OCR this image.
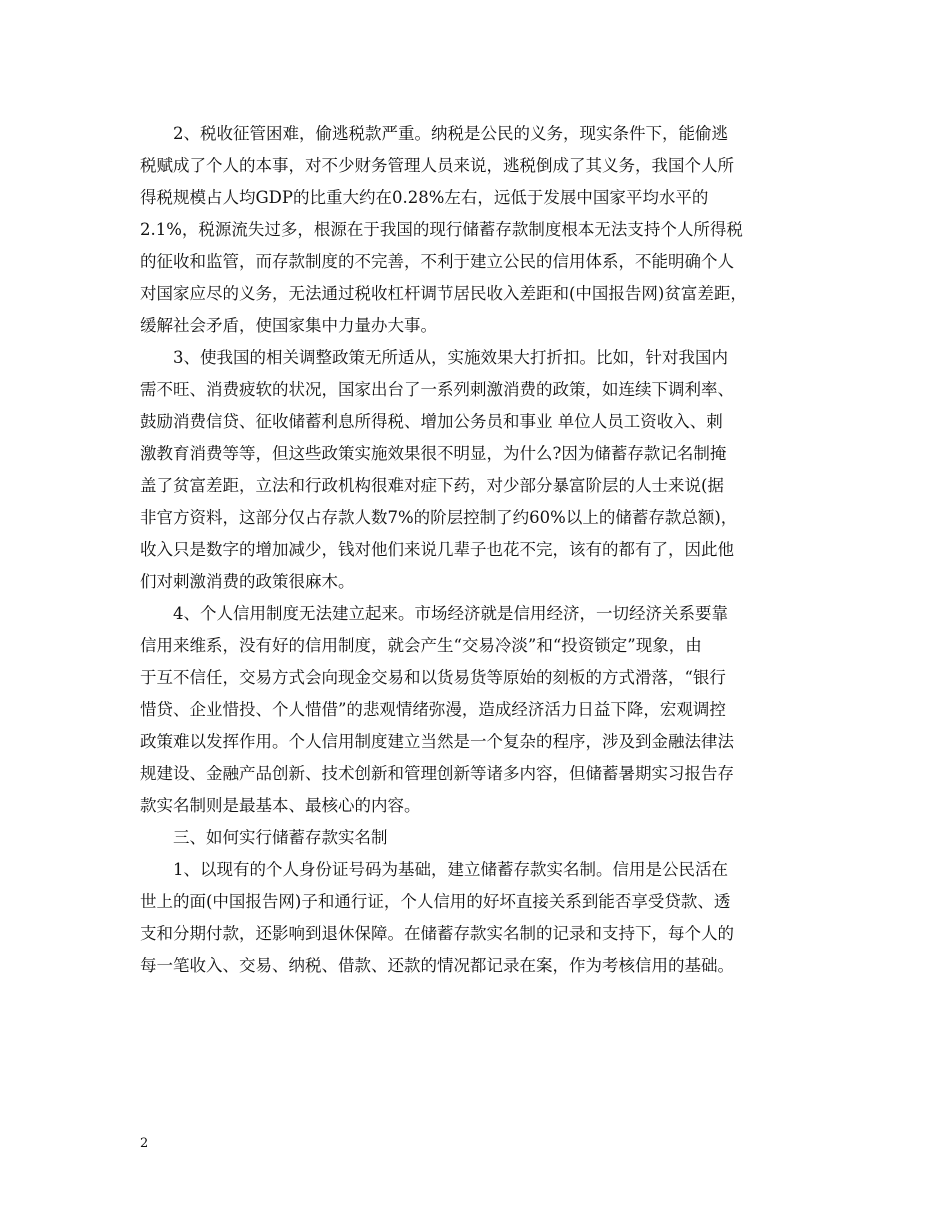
2、税收征管困难，偷逃税款严重。纳税是公民的义务，现实条件下，能偷逃
税赋成了个人的本事，对不少财务管理人员来说，逃税倒成了其义务，我国个人所
得税规模占人均GDP的比重大约在0.28%左右，远低于发展中国家平均水平的
2.1%，税源流失过多，根源在于我国的现行储蓄存款制度根本无法支持个人所得税
的征收和监管，而存款制度的不完善，不利于建立公民的信用体系，不能明确个人
对国家应尽的义务，无法通过税收杠杆调节居民收入差距和(中国报告网)贫富差距，
缓解社会矛盾，使国家集中力量办大事。
3、使我国的相关调整政策无所适从，实施效果大打折扣。比如，针对我国内
需不旺、消费疲软的状况，国家出台了一系列刺激消费的政策，如连续下调利率、
鼓励消费信贷、征收储蓄利息所得税、增加公务员和事业 单位人员工资收入、刺
激教育消费等等，但这些政策实施效果很不明显，为什么?因为储蓄存款记名制掩
盖了贫富差距，立法和行政机构很难对症下药，对少部分暴富阶层的人士来说(据
非官方资料，这部分仅占存款人数7%的阶层控制了约60%以上的储蓄存款总额)，
收入只是数字的增加减少，钱对他们来说几辈子也花不完，该有的都有了，因此他
们对刺激消费的政策很麻木。
4、个人信用制度无法建立起来。市场经济就是信用经济，一切经济关系要靠
信用来维系，没有好的信用制度，就会产生“交易冷淡”和“投资锁定”现象，由
于互不信任，交易方式会向现金交易和以货易货等原始的刻板的方式滑落，“银行
惜贷、企业惜投、个人惜借”的悲观情绪弥漫，造成经济活力日益下降，宏观调控
政策难以发挥作用。个人信用制度建立当然是一个复杂的程序，涉及到金融法律法
规建设、金融产品创新、技术创新和管理创新等诸多内容，但储蓄暑期实习报告存
款实名制则是最基本、最核心的内容。
三、如何实行储蓄存款实名制
1、以现有的个人身份证号码为基础，建立储蓄存款实名制。信用是公民活在
世上的面(中国报告网)子和通行证，个人信用的好坏直接关系到能否享受贷款、透
支和分期付款，还影响到退休保障。在储蓄存款实名制的记录和支持下，每个人的
每一笔收入、交易、纳税、借款、还款的情况都记录在案，作为考核信用的基础。
2
